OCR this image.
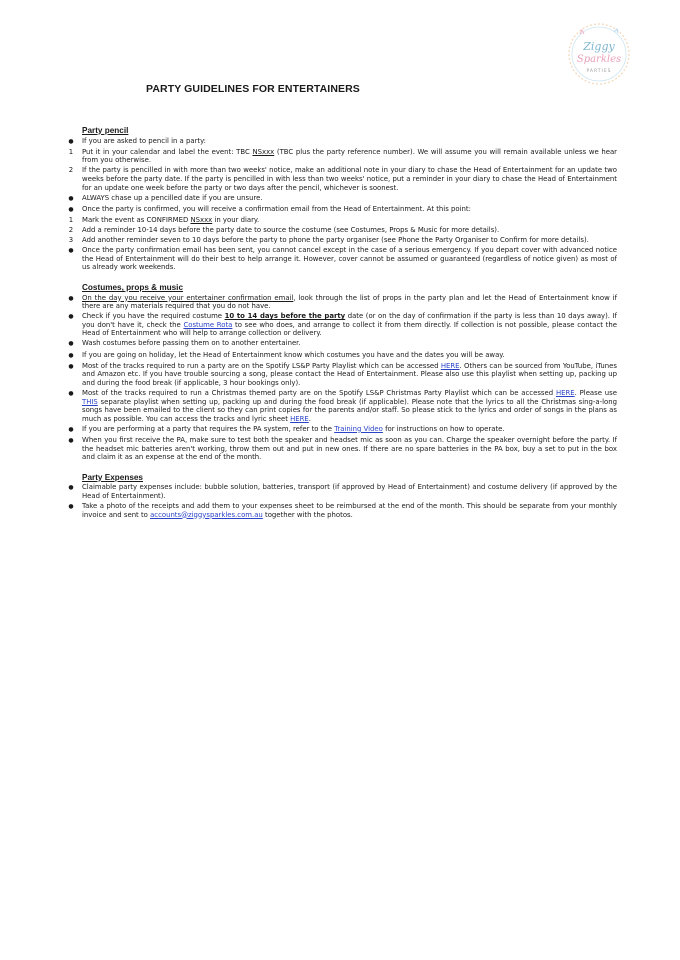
Ziggy
Sparkles
PARTIES
PARTY GUIDELINES FOR ENTERTAINERS
Party pencil
●
If you are asked to pencil in a party:
1	Put it in your calendar and label the event: TBC NSxxx (TBC plus the party reference number). We will assume you will remain available unless we hear from you otherwise.
2	If the party is pencilled in with more than two weeks' notice, make an additional note in your diary to chase the Head of Entertainment for an update two weeks before the party date. If the party is pencilled in with less than two weeks' notice, put a reminder in your diary to chase the Head of Entertainment for an update one week before the party or two days after the pencil, whichever is soonest.
●
ALWAYS chase up a pencilled date if you are unsure.
●
Once the party is confirmed, you will receive a confirmation email from the Head of Entertainment. At this point:
1	Mark the event as CONFIRMED NSxxx in your diary.
2	Add a reminder 10-14 days before the party date to source the costume (see Costumes, Props & Music for more details).
3	Add another reminder seven to 10 days before the party to phone the party organiser (see Phone the Party Organiser to Confirm for more details).
●
Once the party confirmation email has been sent, you cannot cancel except in the case of a serious emergency. If you depart cover with advanced notice the Head of Entertainment will do their best to help arrange it. However, cover cannot be assumed or guaranteed (regardless of notice given) as most of us already work weekends.
Costumes, props & music
●
On the day you receive your entertainer confirmation email, look through the list of props in the party plan and let the Head of Entertainment know if there are any materials required that you do not have.
●
Check if you have the required costume 10 to 14 days before the party date (or on the day of confirmation if the party is less than 10 days away). If you don't have it, check the Costume Rota to see who does, and arrange to collect it from them directly. If collection is not possible, please contact the Head of Entertainment who will help to arrange collection or delivery.
●
Wash costumes before passing them on to another entertainer.
●
If you are going on holiday, let the Head of Entertainment know which costumes you have and the dates you will be away.
●
Most of the tracks required to run a party are on the Spotify LS&P Party Playlist which can be accessed HERE. Others can be sourced from YouTube, iTunes and Amazon etc. If you have trouble sourcing a song, please contact the Head of Entertainment. Please also use this playlist when setting up, packing up and during the food break (if applicable, 3 hour bookings only).
●
Most of the tracks required to run a Christmas themed party are on the Spotify LS&P Christmas Party Playlist which can be accessed HERE. Please use THIS separate playlist when setting up, packing up and during the food break (if applicable). Please note that the lyrics to all the Christmas sing-a-long songs have been emailed to the client so they can print copies for the parents and/or staff. So please stick to the lyrics and order of songs in the plans as much as possible. You can access the tracks and lyric sheet HERE.
●
If you are performing at a party that requires the PA system, refer to the Training Video for instructions on how to operate.
●
When you first receive the PA, make sure to test both the speaker and headset mic as soon as you can. Charge the speaker overnight before the party. If the headset mic batteries aren't working, throw them out and put in new ones. If there are no spare batteries in the PA box, buy a set to put in the box and claim it as an expense at the end of the month.
Party Expenses
●
Claimable party expenses include: bubble solution, batteries, transport (if approved by Head of Entertainment) and costume delivery (if approved by the Head of Entertainment).
●
Take a photo of the receipts and add them to your expenses sheet to be reimbursed at the end of the month. This should be separate from your monthly invoice and sent to accounts@ziggysparkles.com.au together with the photos.
